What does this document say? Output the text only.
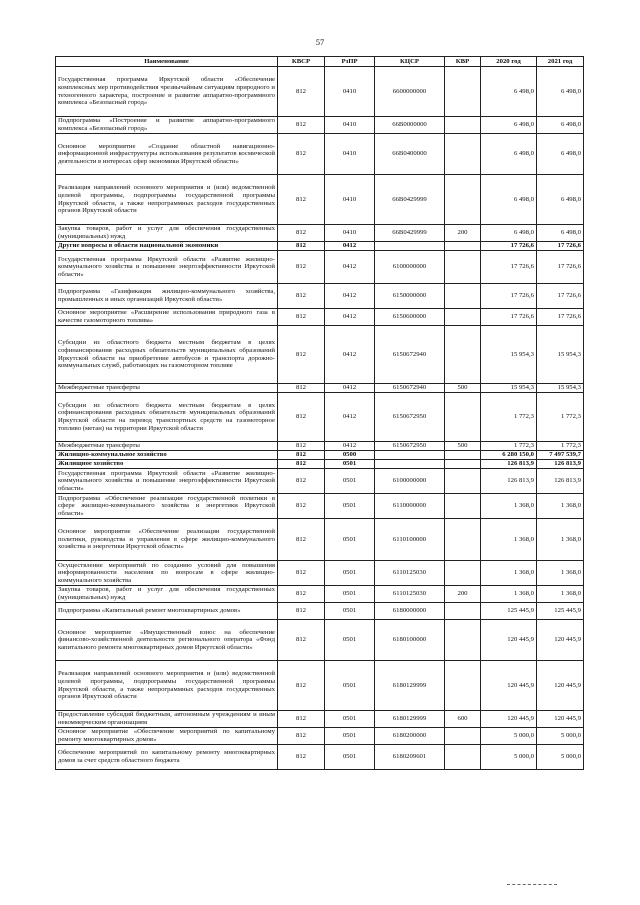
57
Наименование	КВСР	РзПР	КЦСР	КВР	2020 год	2021 год
Государственная программа Иркутской области «Обеспечение комплексных мер противодействия чрезвычайным ситуациям природного и техногенного характера, построение и развитие аппаратно-программного комплекса «Безопасный город»	812	0410	6600000000		6 498,0	6 498,0
Подпрограмма «Построение и развитие аппаратно-программного комплекса «Безопасный город»	812	0410	66В0000000		6 498,0	6 498,0
Основное мероприятие «Создание областной навигационно-информационной инфраструктуры использования результатов космической деятельности в интересах сфер экономики Иркутской области»	812	0410	66В0400000		6 498,0	6 498,0
Реализация направлений основного мероприятия и (или) ведомственной целевой программы, подпрограммы государственной программы Иркутской области, а также непрограммных расходов государственных органов Иркутской области	812	0410	66В0429999		6 498,0	6 498,0
Закупка товаров, работ и услуг для обеспечения государственных (муниципальных) нужд	812	0410	66В0429999	200	6 498,0	6 498,0
Другие вопросы в области национальной экономики	812	0412			17 726,6	17 726,6
Государственная программа Иркутской области «Развитие жилищно-коммунального хозяйства и повышение энергоэффективности Иркутской области»	812	0412	6100000000		17 726,6	17 726,6
Подпрограмма «Газификация жилищно-коммунального хозяйства, промышленных и иных организаций Иркутской области»	812	0412	6150000000		17 726,6	17 726,6
Основное мероприятие «Расширение использования природного газа в качестве газомоторного топлива»	812	0412	6150600000		17 726,6	17 726,6
Субсидии из областного бюджета местным бюджетам в целях софинансирования расходных обязательств муниципальных образований Иркутской области на приобретение автобусов и транспорта дорожно-коммунальных служб, работающих на газомоторном топливе	812	0412	6150672940		15 954,3	15 954,3
Межбюджетные трансферты	812	0412	6150672940	500	15 954,3	15 954,3
Субсидии из областного бюджета местным бюджетам в целях софинансирования расходных обязательств муниципальных образований Иркутской области на перевод транспортных средств на газомоторное топливо (метан) на территории Иркутской области	812	0412	6150672950		1 772,3	1 772,3
Межбюджетные трансферты	812	0412	6150672950	500	1 772,3	1 772,3
Жилищно-коммунальное хозяйство	812	0500			6 280 150,0	7 497 539,7
Жилищное хозяйство	812	0501			126 813,9	126 813,9
Государственная программа Иркутской области «Развитие жилищно-коммунального хозяйства и повышение энергоэффективности Иркутской области»	812	0501	6100000000		126 813,9	126 813,9
Подпрограмма «Обеспечение реализации государственной политики в сфере жилищно-коммунального хозяйства и энергетики Иркутской области»	812	0501	6110000000		1 368,0	1 368,0
Основное мероприятие «Обеспечение реализации государственной политики, руководства и управления в сфере жилищно-коммунального хозяйства и энергетики Иркутской области»	812	0501	6110100000		1 368,0	1 368,0
Осуществление мероприятий по созданию условий для повышения информированности населения по вопросам в сфере жилищно-коммунального хозяйства	812	0501	6110125030		1 368,0	1 368,0
Закупка товаров, работ и услуг для обеспечения государственных (муниципальных) нужд	812	0501	6110125030	200	1 368,0	1 368,0
Подпрограмма «Капитальный ремонт многоквартирных домов»	812	0501	6180000000		125 445,9	125 445,9
Основное мероприятие «Имущественный взнос на обеспечение финансово-хозяйственной деятельности регионального оператора «Фонд капитального ремонта многоквартирных домов Иркутской области»	812	0501	6180100000		120 445,9	120 445,9
Реализация направлений основного мероприятия и (или) ведомственной целевой программы, подпрограммы государственной программы Иркутской области, а также непрограммных расходов государственных органов Иркутской области	812	0501	6180129999		120 445,9	120 445,9
Предоставление субсидий бюджетным, автономным учреждениям и иным некоммерческим организациям	812	0501	6180129999	600	120 445,9	120 445,9
Основное мероприятие «Обеспечение мероприятий по капитальному ремонту многоквартирных домов»	812	0501	6180200000		5 000,0	5 000,0
Обеспечение мероприятий по капитальному ремонту многоквартирных домов за счет средств областного бюджета	812	0501	6180209601		5 000,0	5 000,0
